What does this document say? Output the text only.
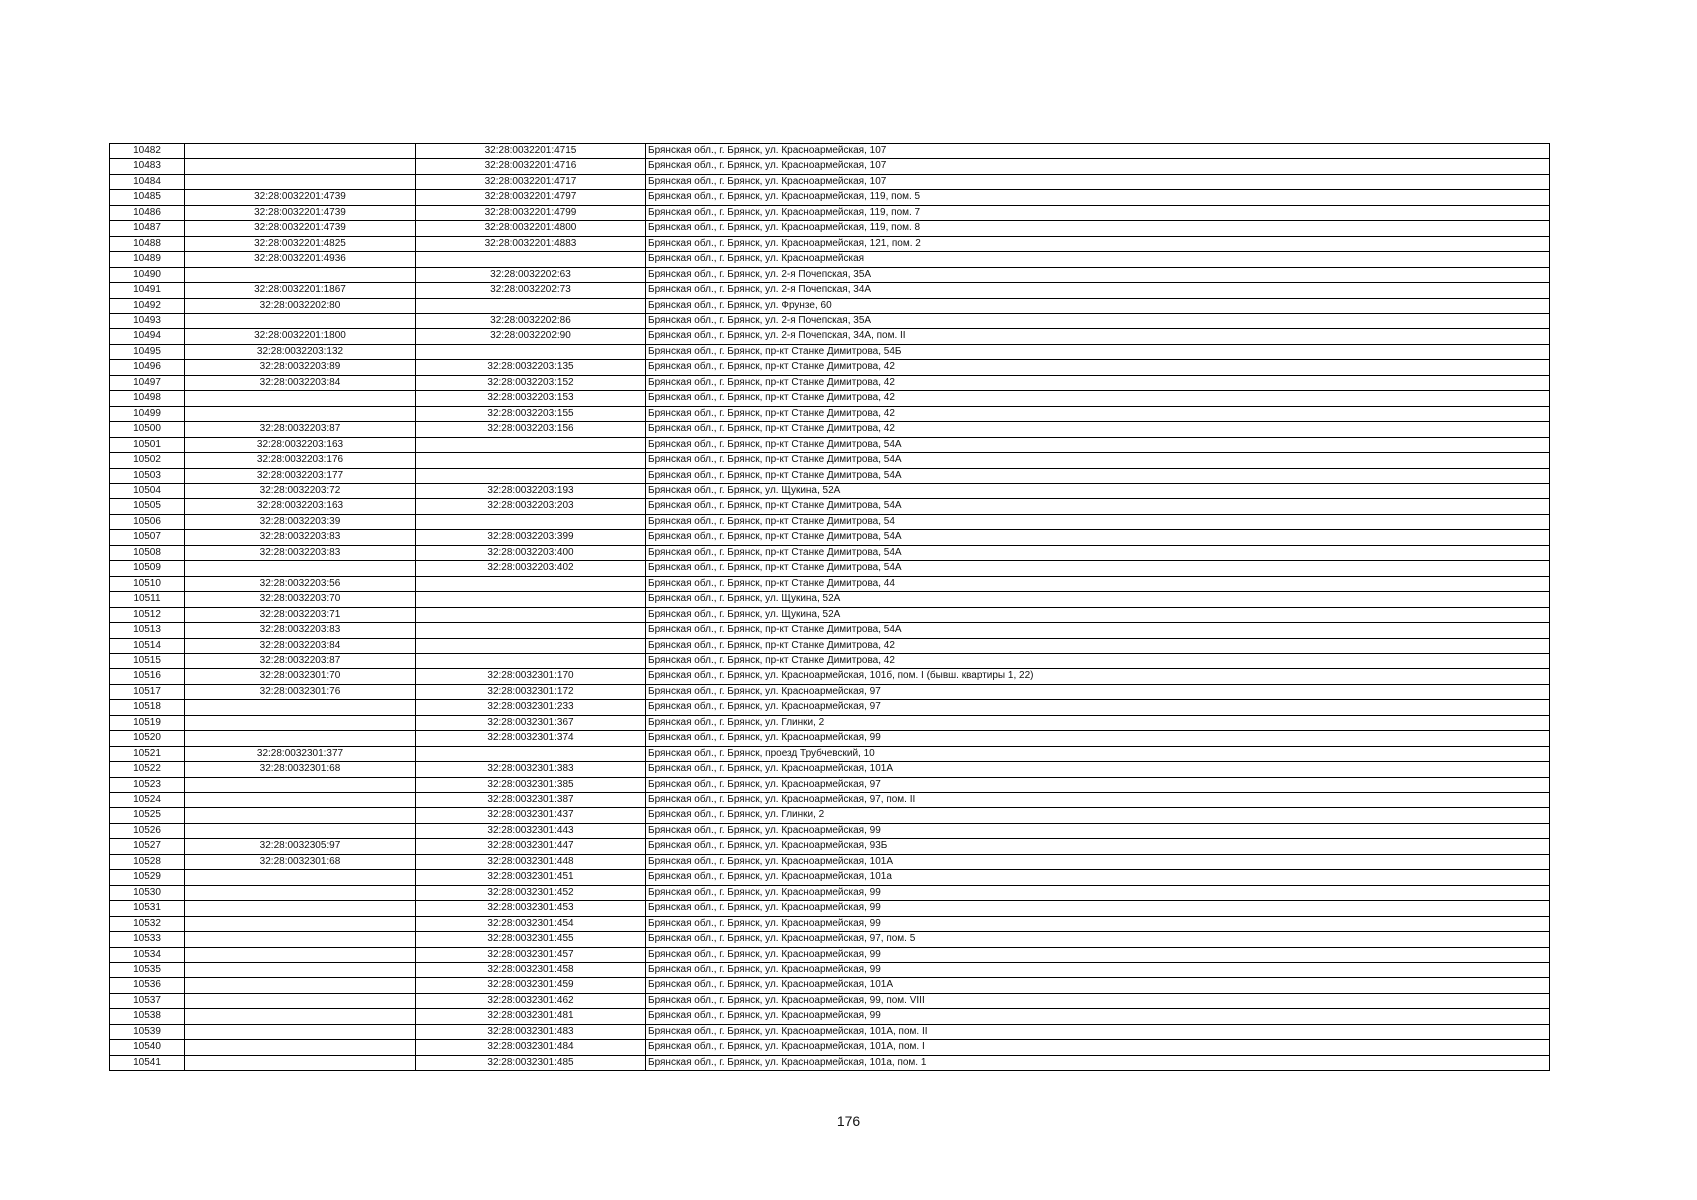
10482		32:28:0032201:4715	Брянская обл., г. Брянск, ул. Красноармейская, 107
10483		32:28:0032201:4716	Брянская обл., г. Брянск, ул. Красноармейская, 107
10484		32:28:0032201:4717	Брянская обл., г. Брянск, ул. Красноармейская, 107
10485	32:28:0032201:4739	32:28:0032201:4797	Брянская обл., г. Брянск, ул. Красноармейская, 119, пом. 5
10486	32:28:0032201:4739	32:28:0032201:4799	Брянская обл., г. Брянск, ул. Красноармейская, 119, пом. 7
10487	32:28:0032201:4739	32:28:0032201:4800	Брянская обл., г. Брянск, ул. Красноармейская, 119, пом. 8
10488	32:28:0032201:4825	32:28:0032201:4883	Брянская обл., г. Брянск, ул. Красноармейская, 121, пом. 2
10489	32:28:0032201:4936		Брянская обл., г. Брянск, ул. Красноармейская
10490		32:28:0032202:63	Брянская обл., г. Брянск, ул. 2-я Почепская, 35А
10491	32:28:0032201:1867	32:28:0032202:73	Брянская обл., г. Брянск, ул. 2-я Почепская, 34А
10492	32:28:0032202:80		Брянская обл., г. Брянск, ул. Фрунзе, 60
10493		32:28:0032202:86	Брянская обл., г. Брянск, ул. 2-я Почепская, 35А
10494	32:28:0032201:1800	32:28:0032202:90	Брянская обл., г. Брянск, ул. 2-я Почепская, 34А, пом. II
10495	32:28:0032203:132		Брянская обл., г. Брянск, пр-кт Станке Димитрова, 54Б
10496	32:28:0032203:89	32:28:0032203:135	Брянская обл., г. Брянск, пр-кт Станке Димитрова, 42
10497	32:28:0032203:84	32:28:0032203:152	Брянская обл., г. Брянск, пр-кт Станке Димитрова, 42
10498		32:28:0032203:153	Брянская обл., г. Брянск, пр-кт Станке Димитрова, 42
10499		32:28:0032203:155	Брянская обл., г. Брянск, пр-кт Станке Димитрова, 42
10500	32:28:0032203:87	32:28:0032203:156	Брянская обл., г. Брянск, пр-кт Станке Димитрова, 42
10501	32:28:0032203:163		Брянская обл., г. Брянск, пр-кт Станке Димитрова, 54А
10502	32:28:0032203:176		Брянская обл., г. Брянск, пр-кт Станке Димитрова, 54А
10503	32:28:0032203:177		Брянская обл., г. Брянск, пр-кт Станке Димитрова, 54А
10504	32:28:0032203:72	32:28:0032203:193	Брянская обл., г. Брянск, ул. Щукина, 52А
10505	32:28:0032203:163	32:28:0032203:203	Брянская обл., г. Брянск, пр-кт Станке Димитрова, 54А
10506	32:28:0032203:39		Брянская обл., г. Брянск, пр-кт Станке Димитрова, 54
10507	32:28:0032203:83	32:28:0032203:399	Брянская обл., г. Брянск, пр-кт Станке Димитрова, 54А
10508	32:28:0032203:83	32:28:0032203:400	Брянская обл., г. Брянск, пр-кт Станке Димитрова, 54А
10509		32:28:0032203:402	Брянская обл., г. Брянск, пр-кт Станке Димитрова, 54А
10510	32:28:0032203:56		Брянская обл., г. Брянск, пр-кт Станке Димитрова, 44
10511	32:28:0032203:70		Брянская обл., г. Брянск, ул. Щукина, 52А
10512	32:28:0032203:71		Брянская обл., г. Брянск, ул. Щукина, 52А
10513	32:28:0032203:83		Брянская обл., г. Брянск, пр-кт Станке Димитрова, 54А
10514	32:28:0032203:84		Брянская обл., г. Брянск, пр-кт Станке Димитрова, 42
10515	32:28:0032203:87		Брянская обл., г. Брянск, пр-кт Станке Димитрова, 42
10516	32:28:0032301:70	32:28:0032301:170	Брянская обл., г. Брянск, ул. Красноармейская, 101б, пом. I (бывш. квартиры 1, 22)
10517	32:28:0032301:76	32:28:0032301:172	Брянская обл., г. Брянск, ул. Красноармейская, 97
10518		32:28:0032301:233	Брянская обл., г. Брянск, ул. Красноармейская, 97
10519		32:28:0032301:367	Брянская обл., г. Брянск, ул. Глинки, 2
10520		32:28:0032301:374	Брянская обл., г. Брянск, ул. Красноармейская, 99
10521	32:28:0032301:377		Брянская обл., г. Брянск, проезд Трубчевский, 10
10522	32:28:0032301:68	32:28:0032301:383	Брянская обл., г. Брянск, ул. Красноармейская, 101А
10523		32:28:0032301:385	Брянская обл., г. Брянск, ул. Красноармейская, 97
10524		32:28:0032301:387	Брянская обл., г. Брянск, ул. Красноармейская, 97, пом. II
10525		32:28:0032301:437	Брянская обл., г. Брянск, ул. Глинки, 2
10526		32:28:0032301:443	Брянская обл., г. Брянск, ул. Красноармейская, 99
10527	32:28:0032305:97	32:28:0032301:447	Брянская обл., г. Брянск, ул. Красноармейская, 93Б
10528	32:28:0032301:68	32:28:0032301:448	Брянская обл., г. Брянск, ул. Красноармейская, 101А
10529		32:28:0032301:451	Брянская обл., г. Брянск, ул. Красноармейская, 101а
10530		32:28:0032301:452	Брянская обл., г. Брянск, ул. Красноармейская, 99
10531		32:28:0032301:453	Брянская обл., г. Брянск, ул. Красноармейская, 99
10532		32:28:0032301:454	Брянская обл., г. Брянск, ул. Красноармейская, 99
10533		32:28:0032301:455	Брянская обл., г. Брянск, ул. Красноармейская, 97, пом. 5
10534		32:28:0032301:457	Брянская обл., г. Брянск, ул. Красноармейская, 99
10535		32:28:0032301:458	Брянская обл., г. Брянск, ул. Красноармейская, 99
10536		32:28:0032301:459	Брянская обл., г. Брянск, ул. Красноармейская, 101А
10537		32:28:0032301:462	Брянская обл., г. Брянск, ул. Красноармейская, 99, пом. VIII
10538		32:28:0032301:481	Брянская обл., г. Брянск, ул. Красноармейская, 99
10539		32:28:0032301:483	Брянская обл., г. Брянск, ул. Красноармейская, 101А, пом. II
10540		32:28:0032301:484	Брянская обл., г. Брянск, ул. Красноармейская, 101А, пом. I
10541		32:28:0032301:485	Брянская обл., г. Брянск, ул. Красноармейская, 101а, пом. 1
176
